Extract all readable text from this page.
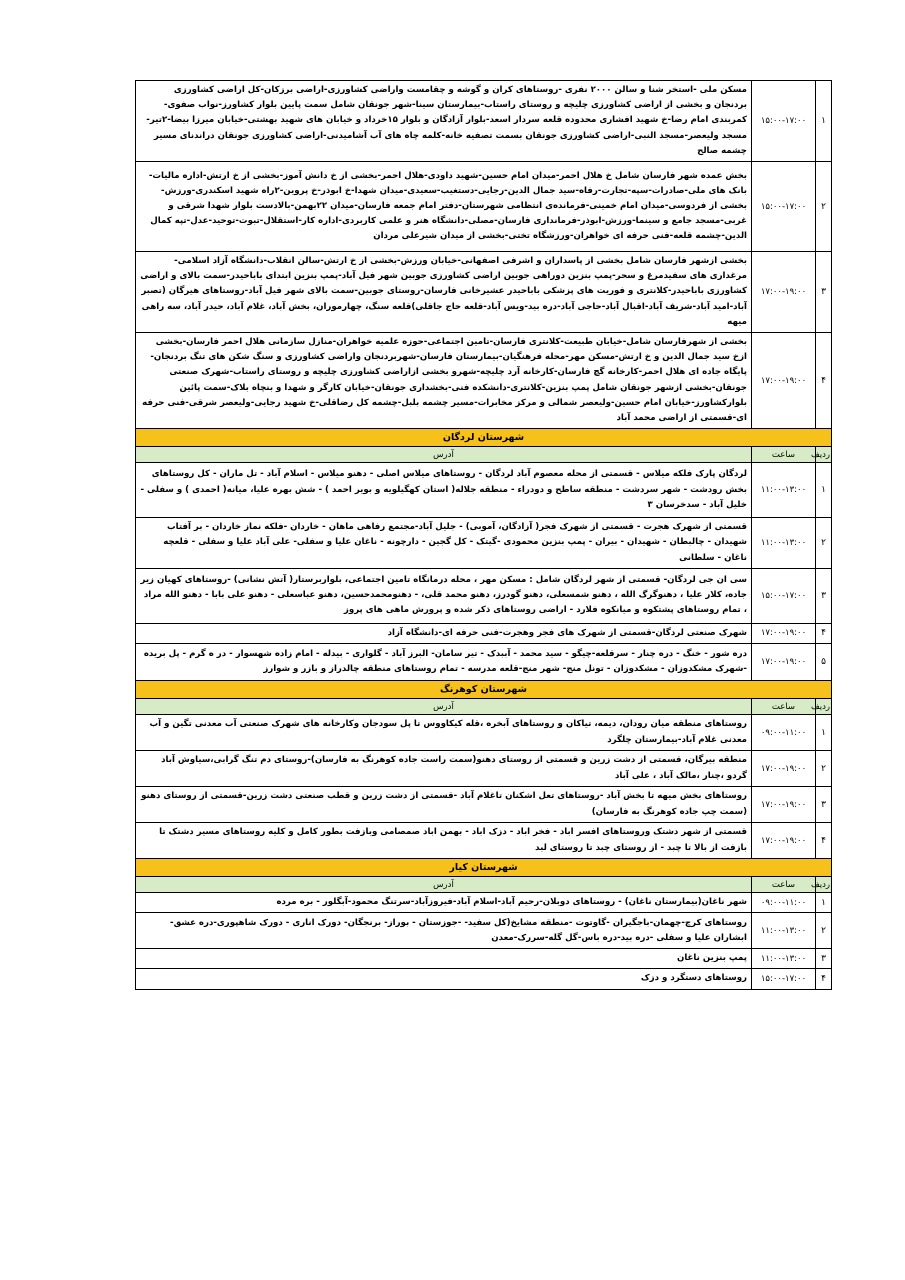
۱	۱۵:۰۰-۱۷:۰۰	مسکن ملی -استخر شنا و سالن ۲۰۰۰ نفری -روستاهای کران و گوشه و چقامست واراضی کشاورزی-اراضی برزکان-کل اراضی کشاورزی بردنجان و بخشی از اراضی کشاورزی چلیچه و روستای راستاب-بیمارستان سینا-شهر جونقان شامل سمت پایین بلوار کشاورز-نواب صفوی-کمربندی امام رضا-خ شهید افشاری محدوده قلعه سردار اسعد-بلوار آزادگان و بلوار ۱۵خرداد و خیابان های شهید بهشتی-خیابان میرزا بیضا-۲تیر-مسجد ولیعصر-مسجد النبی-اراضی کشاورزی جونقان بسمت تصفیه خانه-کلمه چاه های آب آشامیدنی-اراضی کشاورزی جونقان دراندنای مسیر چشمه صالح
۲	۱۵:۰۰-۱۷:۰۰	بخش عمده شهر فارسان شامل خ هلال احمر-میدان امام حسین-شهید داودی-هلال احمر-بخشی از خ دانش آموز-بخشی از خ ارتش-اداره مالیات-بانک های ملی-صادرات-سپه-تجارت-رفاه-سید جمال الدین-رجایی-دستغیب-سعیدی-میدان شهدا-خ ابوذر-خ پروین-۲راه شهید اسکندری-ورزش-بخشی از فردوسی-میدان امام خمینی-فرمانده‌ی انتظامی شهرستان-دفتر امام جمعه فارسان-میدان ۲۲بهمن-بالادست بلوار شهدا شرقی و غربی-مسجد جامع و سینما-ورزش-ابوذر-فرمانداری فارسان-مصلی-دانشگاه هنر و علمی کاربردی-اداره کار-استقلال-تبوت-توحید-عدل-تپه کمال الدین-چشمه قلعه-فنی حرفه ای خواهران-ورزشگاه تختی-بخشی از میدان شیرعلی مردان
۳	۱۷:۰۰-۱۹:۰۰	بخشی ازشهر فارسان شامل بخشی از پاسداران و اشرفی اصفهانی-خیابان ورزش-بخشی از خ ارتش-سالن انقلاب-دانشگاه آزاد اسلامی-مرغداری های سفیدمرغ و سحر-پمپ بنزین دوراهی جوبین اراضی کشاورزی جوبین شهر فیل آباد-پمپ بنزین ابتدای باباحیدر-سمت بالای و اراضی کشاورزی باباحیدر-کلانتری و فوریت های پزشکی باباحیدر عشیرخانی فارسان-روستای جوبین-سمت بالای شهر فیل آباد-روستاهای هیرگان (تصبر آباد-امید آباد-شریف آباد-اقبال آباد-حاجی آباد-دره بید-ویس آباد-قلعه حاج جاقلی)قلعه سنگ، چهارموران، بخش آباد، غلام آباد، حیدر آباد، سه راهی میهه
۴	۱۷:۰۰-۱۹:۰۰	بخشی از شهرفارسان شامل-خیابان طبیعت-کلانتری فارسان-تامین اجتماعی-حوزه علمیه خواهران-منازل سازمانی هلال احمر فارسان-بخشی ازخ سید جمال الدین و خ ارتش-مسکن مهر-محله فرهنگیان-بیمارستان فارسان-شهربردنجان واراضی کشاورزی و سنگ شکن های تنگ بردنجان-پایگاه جاده ای هلال احمر-کارخانه گچ فارسان-کارخانه آرد چلیچه-شهرو بخشی ازاراضی کشاورزی چلیچه و روستای راستاب-شهرک صنعتی جونقان-بخشی ازشهر جونقان شامل پمپ بنزین-کلانتری-دانشکده فنی-بخشداری جونقان-خیابان کارگر و شهدا و بنچاه بلاک-سمت پائین بلوارکشاورز-خیابان امام حسین-ولیعصر شمالی و مرکز مخابرات-مسیر چشمه بلبل-چشمه کل رضاقلی-خ شهید رجایی-ولیعصر شرقی-فنی حرفه ای-قسمتی از اراضی محمد آباد
شهرستان لردگان		
ردیف	ساعت	آدرس
۱	۱۱:۰۰-۱۳:۰۰	لردگان پارک فلکه میلاس - قسمتی از محله معصوم آباد لردگان - روستاهای میلاس اصلی - دهنو میلاس - اسلام آباد - تل ماران - کل روستاهای بخش رودشت - شهر سردشت - منطقه ساطح و دودراء - منطقه جلاله( استان کهگیلویه و بویر احمد ) - شش بهره علیا، میانه( احمدی ) و سفلی - خلیل آباد - سدخرسان ۳
۲	۱۱:۰۰-۱۳:۰۰	قسمتی از شهرک هجرت - قسمتی از شهرک فجر( آزادگان، آموبی) - جلیل آباد-مجتمع رفاهی ماهان - خاردان -فلکه نماز خاردان - بر آفتاب شهیدان - چالبطان - شهیدان - بیران - پمپ بنزین محمودی -گیتک - کل گجین - دارچونه - ناغان علیا و سفلی- علی آباد علیا و سفلی - قلعچه ناغان - سلطانی
۳	۱۵:۰۰-۱۷:۰۰	سی ان جی لردگان- قسمتی از شهر لردگان شامل : مسکن مهر ، محله درمانگاه تامین اجتماعی، بلواربرستار( آتش نشانی) -روستاهای کهیان زیر جاده، کلار علیا ، دهنوگرگ الله ، دهنو شمسعلی، دهنو گودرز، دهنو محمد قلی، - دهنومحمدحسین، دهنو عباسعلی - دهنو علی بابا - دهنو الله مراد ، تمام روستاهای پشتکوه و میانکوه فلارد - اراضی روستاهای ذکر شده و پرورش ماهی های پروز
۴	۱۷:۰۰-۱۹:۰۰	شهرک صنعتی لردگان-قسمتی از شهرک های فجر وهجرت-فنی حرفه ای-دانشگاه آزاد
۵	۱۷:۰۰-۱۹:۰۰	دره شور - خنگ - دره چنار - سرقلعه-چیگو - سید محمد - آببدک - تیر سامان- البرز آباد - گلواری - بیدله - امام زاده شهسوار - در ه گرم - پل بریده -شهرک مشکدوزان - مشکدوزان - تونل منج- شهر منج-قلعه مدرسه - تمام روستاهای منطقه چالدراز و بازر و شوارز
شهرستان کوهرنگ		
ردیف	ساعت	آدرس
۱	۰۹:۰۰-۱۱:۰۰	روستاهای منطقه میان رودان، دیمه، تیاکان و روستاهای آبخره ،قله کیکاووس تا پل سودجان وکارخانه های شهرک صنعتی آب معدنی تگین و آب معدنی غلام آباد-بیمارستان چلگرد
۲	۱۷:۰۰-۱۹:۰۰	منطقه بیرگان، قسمتی از دشت زرین و قسمتی از روستای دهنو(سمت راست جاده کوهرنگ به فارسان)-روستای دم تنگ گرابی،سیاوش آباد گردو ،چنار ،مالک آباد ، علی آباد
۳	۱۷:۰۰-۱۹:۰۰	روستاهای بخش میهه تا بخش آباد -روستاهای تعل اشکنان تاغلام آباد -قسمتی از دشت زرین و قطب صنعتی دشت زرین-قسمتی از روستای دهنو (سمت چپ جاده کوهرنگ به فارسان)
۴	۱۷:۰۰-۱۹:۰۰	قسمتی از شهر دشتک وروستاهای افسر اباد - فخر اباد - دزک اباد - بهمن اباد صمصامی وبازفت بطور کامل و کلیه روستاهای مسیر دشتک تا بازفت از بالا تا چبد - از روستای چبد تا روستای لبد
شهرستان کیار		
ردیف	ساعت	آدرس
۱	۰۹:۰۰-۱۱:۰۰	شهر ناغان(بیمارستان ناغان) - روستاهای دوبلان-رحیم آباد-اسلام آباد-فیروزآباد-سرتنگ محمود-آبگلور - بره مرده
۲	۱۱:۰۰-۱۳:۰۰	روستاهای کرچ-چهمان-باجگیران -گاوتوت -منطقه مشایخ(کل سفید- -جوزستان - بوراز- برنجگان- دورک اناری - دورک شاهپوری-دره عشق- ابشاران علیا و سفلی -دره بید-دره باس-گل گله-سررک-معدن
۳	۱۱:۰۰-۱۳:۰۰	پمپ بنزین ناغان
۴	۱۵:۰۰-۱۷:۰۰	روستاهای دستگرد و دزک
